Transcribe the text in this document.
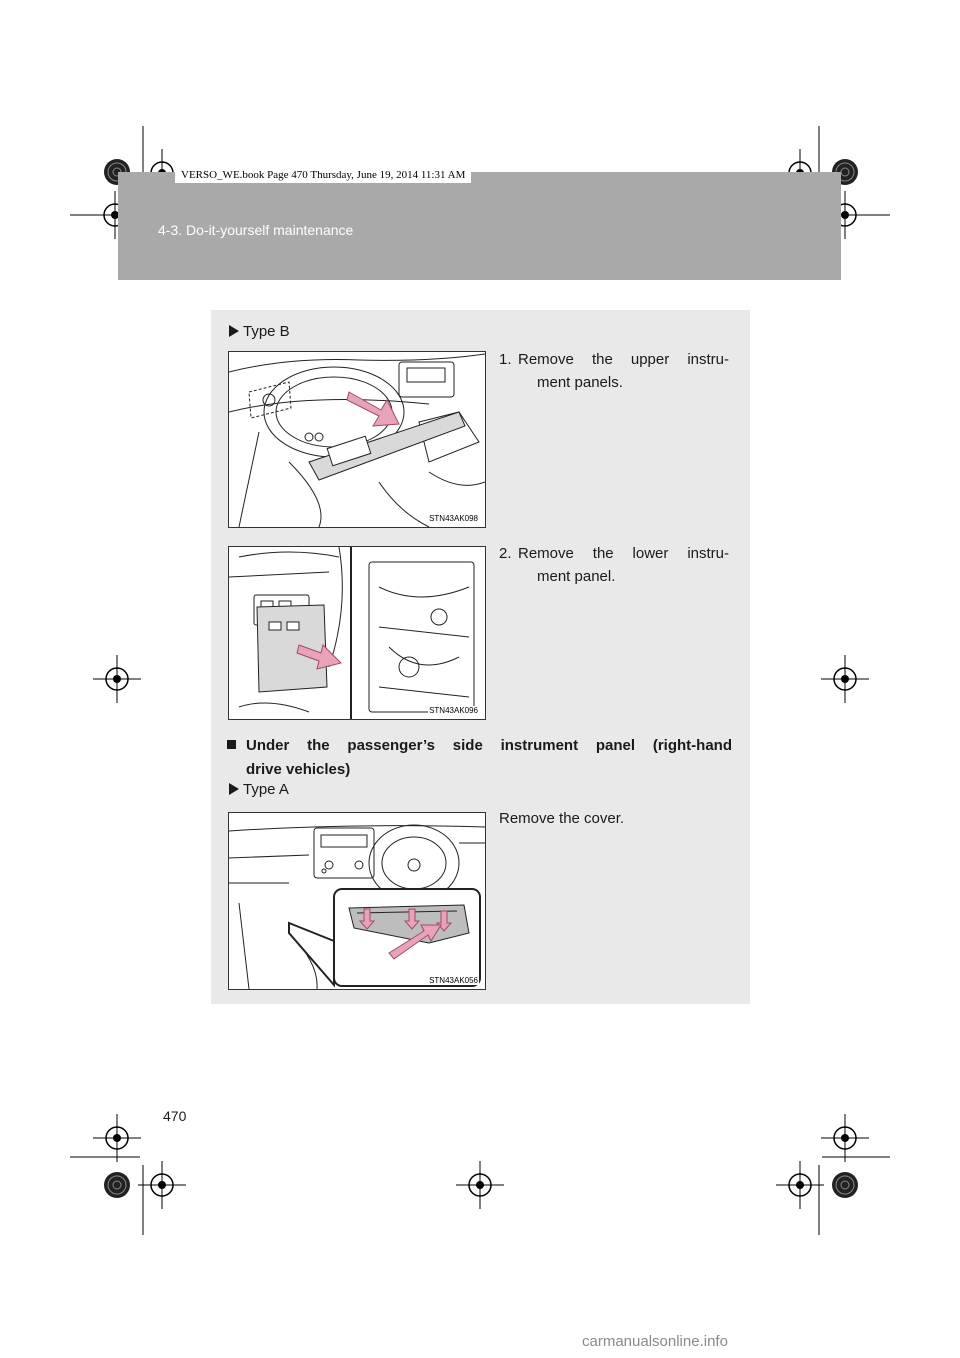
4-3. Do-it-yourself maintenance
VERSO_WE.book Page 470 Thursday, June 19, 2014 11:31 AM
Type B
STN43AK098
1. Remove the upper instru-
ment panels.
STN43AK096
2. Remove the lower instru-
ment panel.
Under the passenger’s side instrument panel (right-hand
drive vehicles)
Type A
Remove the cover.
STN43AK056
470
carmanualsonline.info
